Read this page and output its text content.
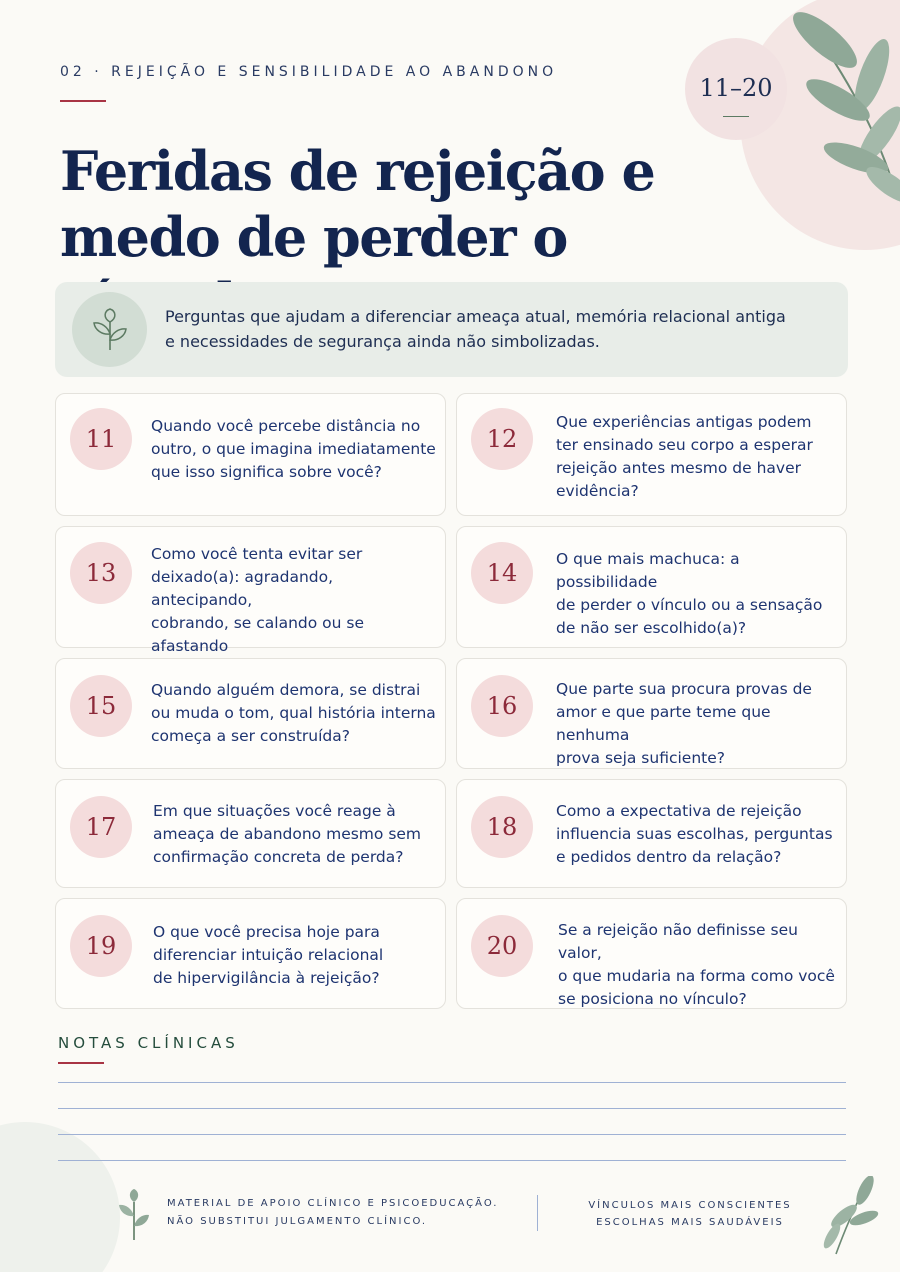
02 · REJEIÇÃO E SENSIBILIDADE AO ABANDONO
11–20
Feridas de rejeição e
medo de perder o

Perguntas que ajudam a diferenciar ameaça atual, memória relacional antiga
e necessidades de segurança ainda não simbolizadas.

11	Quando você percebe distância no
outro, o que imagina imediatamente
que isso significa sobre você?
12
Que experiências antigas podem
ter ensinado seu corpo a esperar
rejeição antes mesmo de haver
evidência?
13
Como você tenta evitar ser
deixado(a): agradando, antecipando,
cobrando, se calando ou se afastando
14	O que mais machuca: a possibilidade
de perder o vínculo ou a sensação
de não ser escolhido(a)?
15
Quando alguém demora, se distrai
ou muda o tom, qual história interna
começa a ser construída?
16
Que parte sua procura provas de
amor e que parte teme que nenhuma
prova seja suficiente?
17
Em que situações você reage à
ameaça de abandono mesmo sem
confirmação concreta de perda?
18
Como a expectativa de rejeição
influencia suas escolhas, perguntas
e pedidos dentro da relação?
19	O que você precisa hoje para
diferenciar intuição relacional
de hipervigilância à rejeição?
20
Se a rejeição não definisse seu valor,
o que mudaria na forma como você
se posiciona no vínculo?
NOTAS CLÍNICAS
MATERIAL DE APOIO CLÍNICO E PSICOEDUCAÇÃO.
NÃO SUBSTITUI JULGAMENTO CLÍNICO.
VÍNCULOS MAIS CONSCIENTES
ESCOLHAS MAIS SAUDÁVEIS
